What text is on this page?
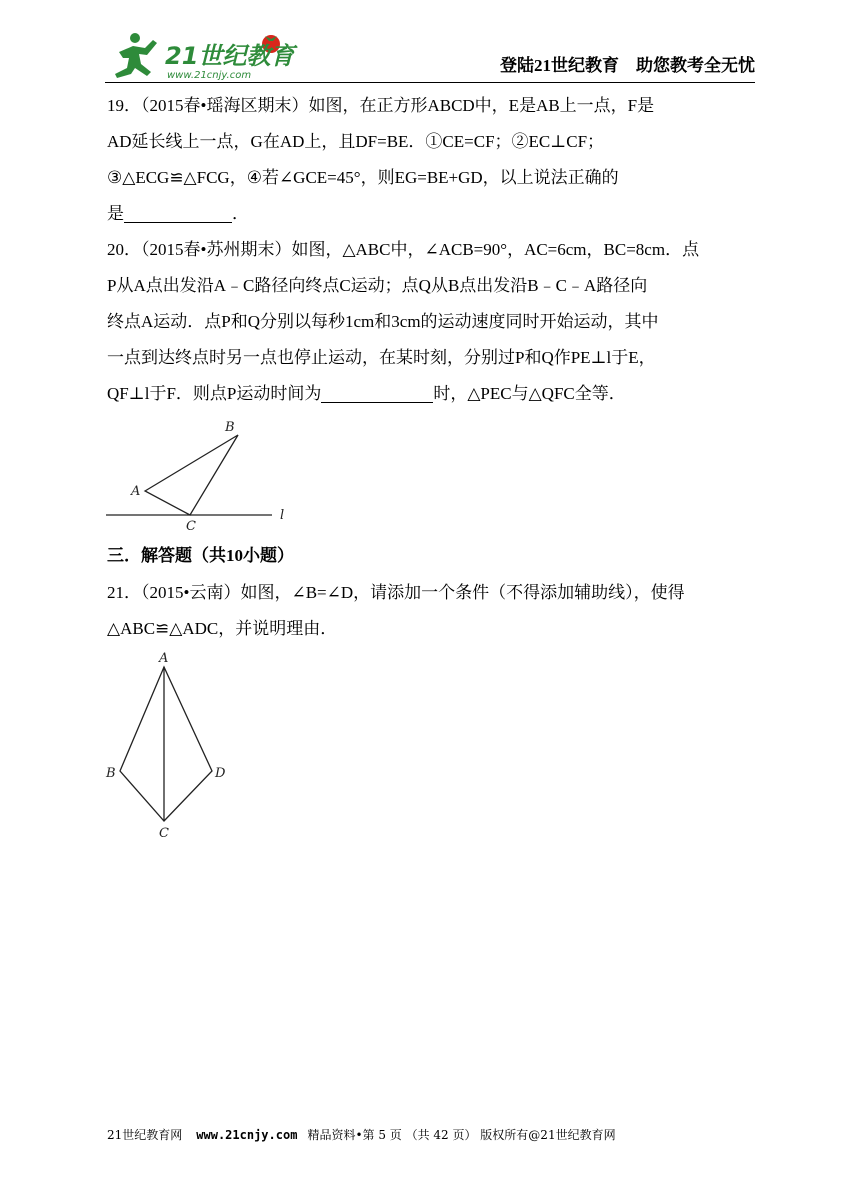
21世纪教育
www.21cnjy.com
登陆21世纪教育    助您教考全无忧
19．（2015春•瑶海区期末）如图，在正方形ABCD中，E是AB上一点，F是
AD延长线上一点，G在AD上，且DF=BE．①CE=CF；②EC⊥CF；
③△ECG≌△FCG，④若∠GCE=45°，则EG=BE+GD，以上说法正确的
是	．
20．（2015春•苏州期末）如图，△ABC中，∠ACB=90°，AC=6cm，BC=8cm．点
P从A点出发沿A﹣C路径向终点C运动；点Q从B点出发沿B﹣C﹣A路径向
终点A运动．点P和Q分别以每秒1cm和3cm的运动速度同时开始运动，其中
一点到达终点时另一点也停止运动，在某时刻，分别过P和Q作PE⊥l于E，
QF⊥l于F．则点P运动时间为	时，△PEC与△QFC全等．
A
B
C
l
三．解答题（共10小题）
21．（2015•云南）如图，∠B=∠D，请添加一个条件（不得添加辅助线），使得
△ABC≌△ADC，并说明理由．
A
B
C
D
21世纪教育网 www.21cnjy.com 精品资料•第 5 页 （共 42 页） 版权所有@21世纪教育网
